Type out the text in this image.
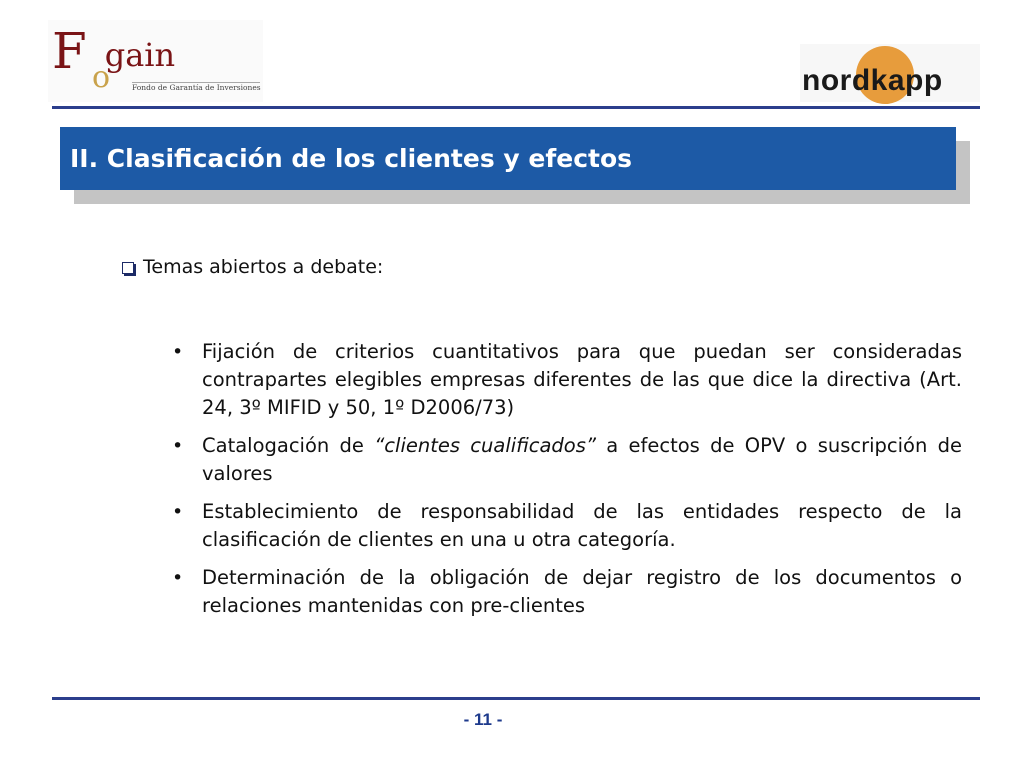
Fgain
o	Fondo de Garantía de Inversiones	nordkapp
II. Clasificación de los clientes y efectos
Temas abiertos a debate:
• Fijación de criterios cuantitativos para que puedan ser consideradas contrapartes elegibles empresas diferentes de las que dice la directiva (Art. 24, 3º MIFID y 50, 1º D2006/73)
• Catalogación de “clientes cualificados” a efectos de OPV o suscripción de valores
• Establecimiento de responsabilidad de las entidades respecto de la clasificación de clientes en una u otra categoría.
• Determinación de la obligación de dejar registro de los documentos o relaciones mantenidas con pre-clientes
- 11 -
